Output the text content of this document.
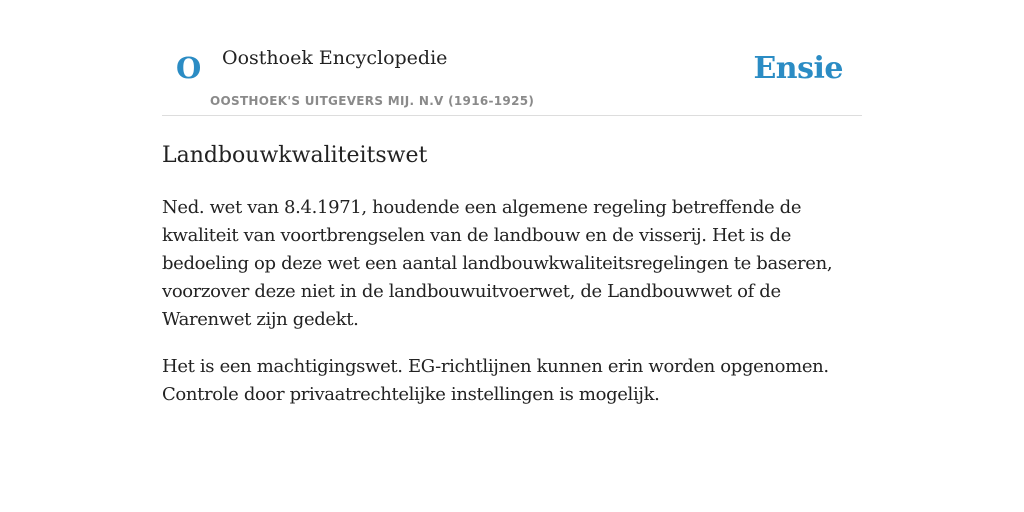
O Oosthoek Encyclopedie
OOSTHOEK'S UITGEVERS MIJ. N.V (1916-1925)
Ensie
Landbouwkwaliteitswet

Ned. wet van 8.4.1971, houdende een algemene regeling betreffende de kwaliteit van voortbrengselen van de landbouw en de visserij. Het is de bedoeling op deze wet een aantal landbouwkwaliteitsregelingen te baseren, voorzover deze niet in de landbouwuitvoerwet, de Landbouwwet of de Warenwet zijn gedekt.

Het is een machtigingswet. EG-richtlijnen kunnen erin worden opgenomen. Controle door privaatrechtelijke instellingen is mogelijk.
